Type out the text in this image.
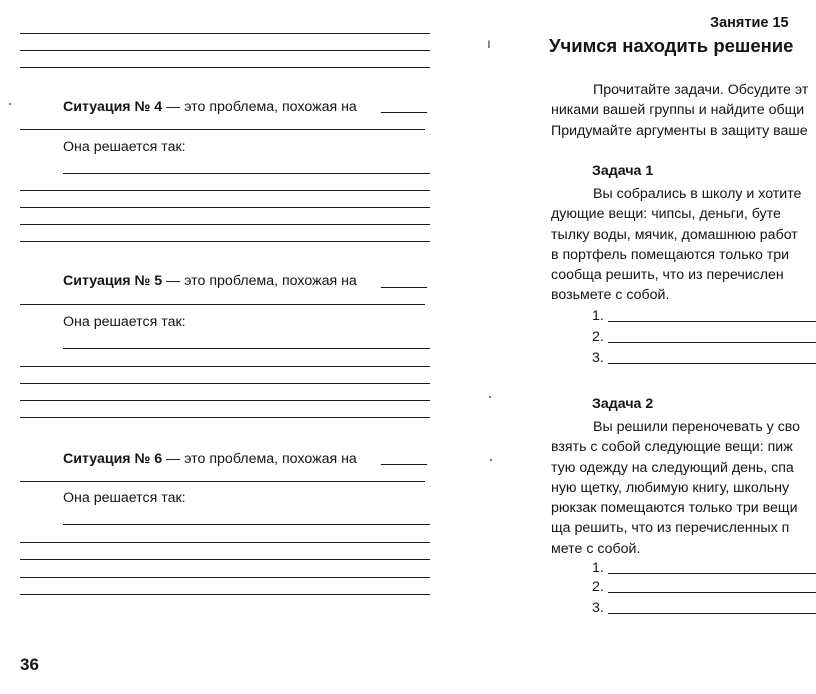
Ситуация № 4 — это проблема, похожая на
Она решается так:
Ситуация № 5 — это проблема, похожая на
Она решается так:
Ситуация № 6 — это проблема, похожая на
Она решается так:
36
ı
Занятие 15
Учимся находить решение
Прочитайте задачи. Обсудите эт
никами вашей группы и найдите общи
Придумайте аргументы в защиту ваше
Задача 1
Вы собрались в школу и хотите
дующие вещи: чипсы, деньги, буте
тылку воды, мячик, домашнюю работ
в портфель помещаются только три
сообща решить, что из перечислен
возьмете с собой.
1.
2.
3.
Задача 2
Вы решили переночевать у сво
взять с собой следующие вещи: пиж
тую одежду на следующий день, спа
ную щетку, любимую книгу, школьну
рюкзак помещаются только три вещи
ща решить, что из перечисленных п
мете с собой.
1.
2.
3.
